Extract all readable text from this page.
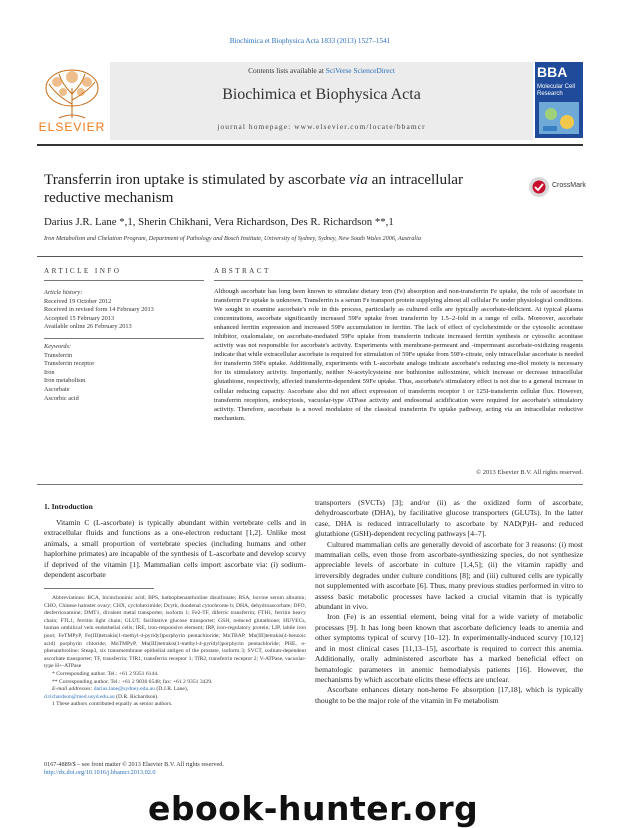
Biochimica et Biophysica Acta 1833 (2013) 1527–1541
Contents lists available at SciVerse ScienceDirect
Biochimica et Biophysica Acta
journal homepage: www.elsevier.com/locate/bbamcr
ELSEVIER
BBA
Molecular Cell Research
Transferrin iron uptake is stimulated by ascorbate via an intracellular reductive mechanism
CrossMark
Darius J.R. Lane *,1, Sherin Chikhani, Vera Richardson, Des R. Richardson **,1
Iron Metabolism and Chelation Program, Department of Pathology and Bosch Institute, University of Sydney, Sydney, New South Wales 2006, Australia
ARTICLE INFO	ABSTRACT
Article history:
Received 19 October 2012
Received in revised form 14 February 2013
Accepted 15 February 2013
Available online 26 February 2013
Keywords:
Transferrin
Transferrin receptor
Iron
Iron metabolism
Ascorbate
Ascorbic acid
Although ascorbate has long been known to stimulate dietary iron (Fe) absorption and non-transferrin Fe uptake, the role of ascorbate in transferrin Fe uptake is unknown. Transferrin is a serum Fe transport protein supplying almost all cellular Fe under physiological conditions. We sought to examine ascorbate's role in this process, particularly as cultured cells are typically ascorbate-deficient. At typical plasma concentrations, ascorbate significantly increased 59Fe uptake from transferrin by 1.5–2-fold in a range of cells. Moreover, ascorbate enhanced ferritin expression and increased 59Fe accumulation in ferritin. The lack of effect of cycloheximide or the cytosolic aconitase inhibitor, oxalomalate, on ascorbate-mediated 59Fe uptake from transferrin indicate increased ferritin synthesis or cytosolic aconitase activity was not responsible for ascorbate's activity. Experiments with membrane-permeant and -impermeant ascorbate-oxidizing reagents indicate that while extracellular ascorbate is required for stimulation of 59Fe uptake from 59Fe-citrate, only intracellular ascorbate is needed for transferrin 59Fe uptake. Additionally, experiments with L-ascorbate analogs indicate ascorbate's reducing ene-diol moiety is necessary for its stimulatory activity. Importantly, neither N-acetylcysteine nor buthionine sulfoximine, which increase or decrease intracellular glutathione, respectively, affected transferrin-dependent 59Fe uptake. Thus, ascorbate's stimulatory effect is not due to a general increase in cellular reducing capacity. Ascorbate also did not affect expression of transferrin receptor 1 or 125I-transferrin cellular flux. However, transferrin receptors, endocytosis, vacuolar-type ATPase activity and endosomal acidification were required for ascorbate's stimulatory activity. Therefore, ascorbate is a novel modulator of the classical transferrin Fe uptake pathway, acting via an intracellular reductive mechanism.
© 2013 Elsevier B.V. All rights reserved.
1. Introduction

Vitamin C (L-ascorbate) is typically abundant within vertebrate cells and in extracellular fluids and functions as a one-electron reductant [1,2]. Unlike most animals, a small proportion of vertebrate species (including humans and other haplorhine primates) are incapable of the synthesis of L-ascorbate and develop scurvy if deprived of the vitamin [1]. Mammalian cells import ascorbate via: (i) sodium-dependent ascorbate

Abbreviations: BCA, bicinchoninic acid; BPS, bathophenanthroline disulfonate; BSA, bovine serum albumin; CHO, Chinese hamster ovary; CHX, cycloheximide; Dcytb, duodenal cytochrome b; DHA, dehydroascorbate; DFO, desferrioxamine; DMT1, divalent metal transporter, isoform 1; Fe2-TF, diferric transferrin; FTH1, ferritin heavy chain; FTL1, ferritin light chain; GLUT, facilitative glucose transporter; GSH, reduced glutathione; HUVECs, human umbilical vein endothelial cells; IRE, iron-responsive element; IRP, iron-regulatory protein; LIP, labile iron pool; FeTMPyP, Fe(III)tetrakis(1-methyl-4-pyridyl)porphyrin pentachloride; MnTBAP, Mn(III)tetrakis(4-benzoic acid) porphyrin chloride; MnTMPyP, Mn(III)tetrakis(1-methyl-4-pyridyl)porphyrin pentachloride; PHE, o-phenanthroline; Steap3, six transmembrane epithelial antigen of the prostate, isoform 3; SVCT, sodium-dependent ascorbate transporter; TF, transferrin; TfR1, transferrin receptor 1; TfR2, transferrin receptor 2; V-ATPase, vacuolar-type H+-ATPase
* Corresponding author. Tel.: +61 2 9351 6144.
** Corresponding author. Tel.: +61 2 9036 6548; fax: +61 2 9351 3429.
E-mail addresses: darius.lane@sydney.edu.au (D.J.R. Lane),
d.richardson@med.usyd.edu.au (D.R. Richardson).
1 These authors contributed equally as senior authors.
0167-4889/$ – see front matter © 2013 Elsevier B.V. All rights reserved.
http://dx.doi.org/10.1016/j.bbamcr.2013.02.0

transporters (SVCTs) [3]; and/or (ii) as the oxidized form of ascorbate, dehydroascorbate (DHA), by facilitative glucose transporters (GLUTs). In the latter case, DHA is reduced intracellularly to ascorbate by NAD(P)H- and reduced glutathione (GSH)-dependent recycling pathways [4–7].

Cultured mammalian cells are generally devoid of ascorbate for 3 reasons: (i) most mammalian cells, even those from ascorbate-synthesizing species, do not synthesize appreciable levels of ascorbate in culture [1,4,5]; (ii) the vitamin rapidly and irreversibly degrades under culture conditions [8]; and (iii) cultured cells are typically not supplemented with ascorbate [6]. Thus, many previous studies performed in vitro to assess basic metabolic processes have lacked a crucial vitamin that is typically abundant in vivo.

Iron (Fe) is an essential element, being vital for a wide variety of metabolic processes [9]. It has long been known that ascorbate deficiency leads to anemia and other symptoms typical of scurvy [10–12]. In experimentally-induced scurvy [10,12] and in most clinical cases [11,13–15], ascorbate is required to correct this anemia. Additionally, orally administered ascorbate has a marked beneficial effect on hematologic parameters in anemic hemodialysis patients [16]. However, the mechanisms by which ascorbate elicits these effects are unclear.

Ascorbate enhances dietary non-heme Fe absorption [17,18], which is typically thought to be the major role of the vitamin in Fe metabolism

ebook-hunter.org
